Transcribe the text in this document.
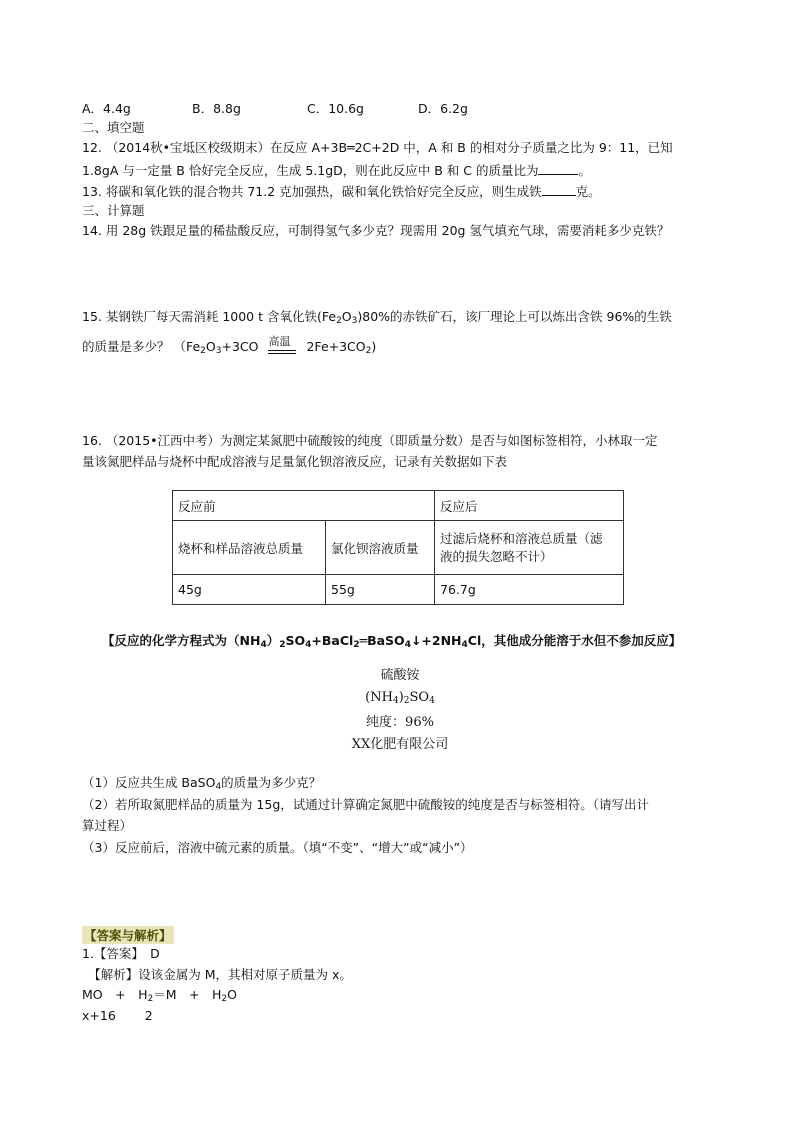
A．4.4g	B．8.8g	C．10.6g	D．6.2g
二、填空题
12. （2014秋•宝坻区校级期末）在反应 A+3B═2C+2D 中，A 和 B 的相对分子质量之比为 9：11，已知
1.8gA 与一定量 B 恰好完全反应，生成 5.1gD，则在此反应中 B 和 C 的质量比为	。
13. 将碳和氧化铁的混合物共 71.2 克加强热，碳和氧化铁恰好完全反应，则生成铁	克。
三、计算题
14. 用 28g 铁跟足量的稀盐酸反应，可制得氢气多少克？现需用 20g 氢气填充气球，需要消耗多少克铁？
15. 某钢铁厂每天需消耗 1000 t 含氧化铁$(Fe_2O_3)80\%$的赤铁矿石，该厂理论上可以炼出含铁 96%的生铁
的质量是多少？ （$Fe_2O_3+3CO$ 高温	$2Fe+3CO_2$)
16. （2015•江西中考）为测定某氮肥中硫酸铵的纯度（即质量分数）是否与如图标签相符，小林取一定
量该氮肥样品与烧杯中配成溶液与足量氯化钡溶液反应，记录有关数据如下表
反应前		反应后
烧杯和样品溶液总质量	氯化钡溶液质量	过滤后烧杯和溶液总质量（滤
液的损失忽略不计）
45g	55g	76.7g
【反应的化学方程式为$(NH_4)_2SO_4+BaCl_2═BaSO_4↓+2NH_4Cl$，其他成分能溶于水但不参加反应】
硫酸铵
$(NH_4)_2SO_4$
纯度：96%
XX化肥有限公司
（1）反应共生成 BaSO$_4$的质量为多少克？
（2）若所取氮肥样品的质量为 15g，试通过计算确定氮肥中硫酸铵的纯度是否与标签相符。（请写出计
算过程）
（3）反应前后，溶液中硫元素的质量。（填“不变”、“增大”或“减小”）
【答案与解析】
1.【答案】　D
　【解析】设该金属为 M，其相对原子质量为 x。
MO　+　$H_2=M$　+　$H_2O$
x+16　　 2
